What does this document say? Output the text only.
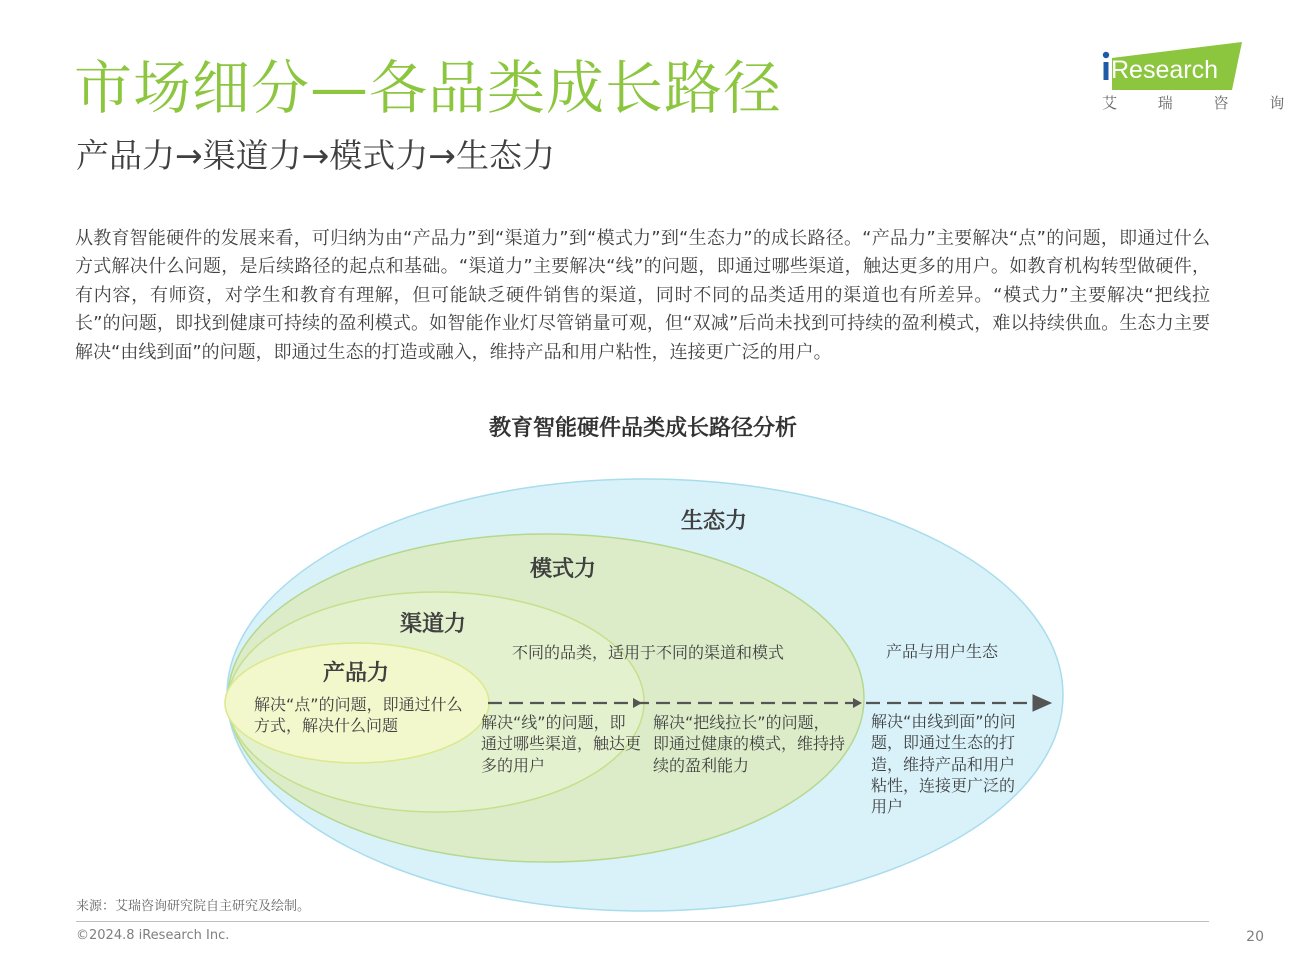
市场细分—各品类成长路径
产品力→渠道力→模式力→生态力
Research
艾 瑞 咨 询
从教育智能硬件的发展来看，可归纳为由“产品力”到“渠道力”到“模式力”到“生态力”的成长路径。“产品力”主要解决“点”的问题，即通过什么方式解决什么问题，是后续路径的起点和基础。“渠道力”主要解决“线”的问题，即通过哪些渠道，触达更多的用户。如教育机构转型做硬件，有内容，有师资，对学生和教育有理解，但可能缺乏硬件销售的渠道，同时不同的品类适用的渠道也有所差异。“模式力”主要解决“把线拉长”的问题，即找到健康可持续的盈利模式。如智能作业灯尽管销量可观，但“双减”后尚未找到可持续的盈利模式，难以持续供血。生态力主要解决“由线到面”的问题，即通过生态的打造或融入，维持产品和用户粘性，连接更广泛的用户。
教育智能硬件品类成长路径分析
生态力
模式力
渠道力
产品力
不同的品类，适用于不同的渠道和模式	产品与用户生态
解决“点”的问题，即通过什么方式，解决什么问题	解决“线”的问题，即通过哪些渠道，触达更多的用户
解决“把线拉长”的问题，即通过健康的模式，维持持续的盈利能力
解决“由线到面”的问题，即通过生态的打造，维持产品和用户粘性，连接更广泛的用户
来源：艾瑞咨询研究院自主研究及绘制。
©2024.8 iResearch Inc.	20
